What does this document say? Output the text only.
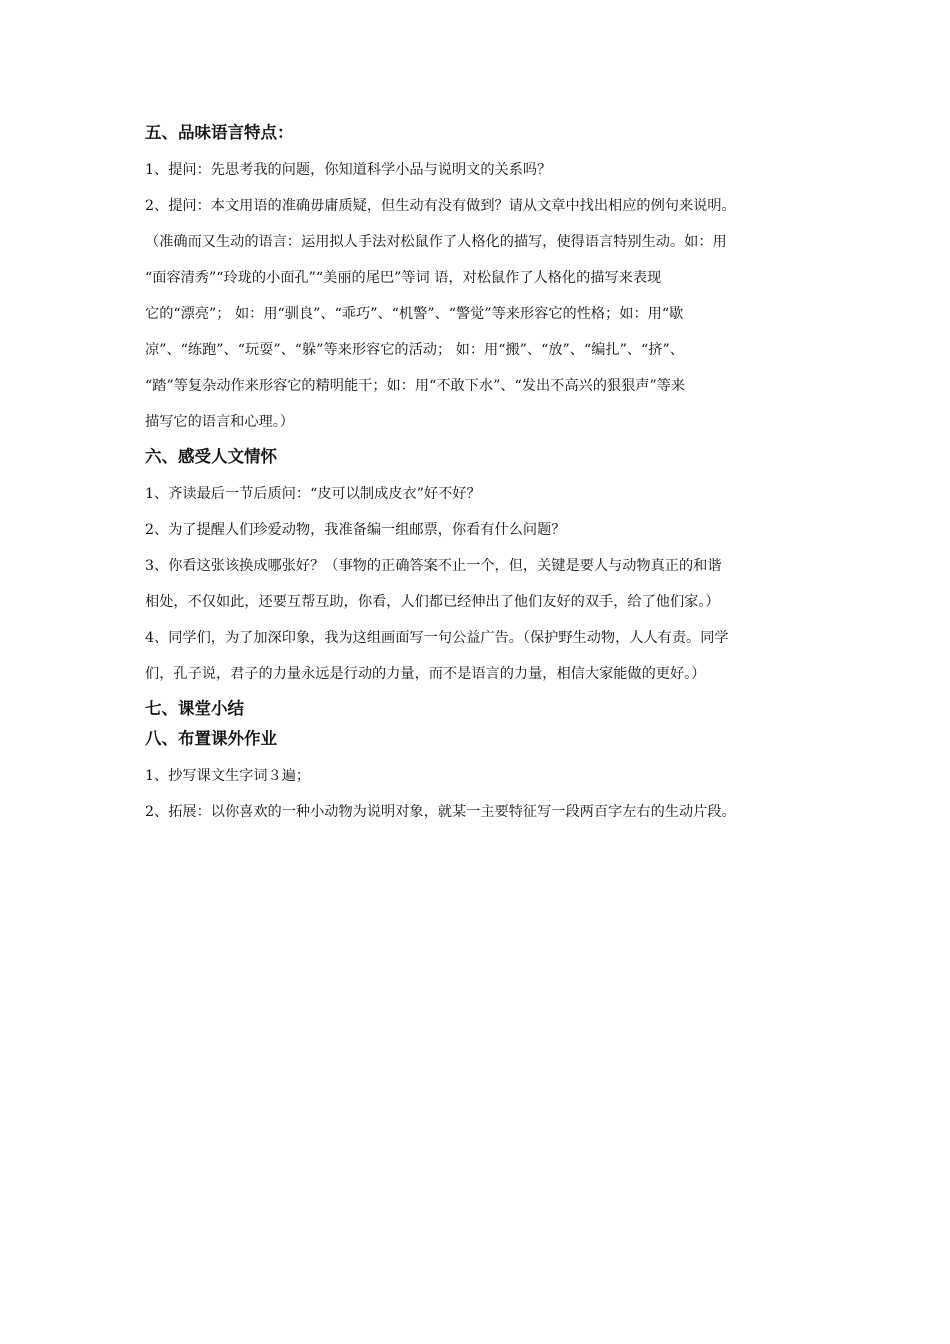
五、品味语言特点：

1、提问：先思考我的问题，你知道科学小品与说明文的关系吗？

2、提问：本文用语的准确毋庸质疑，但生动有没有做到？请从文章中找出相应的例句来说明。

（准确而又生动的语言：运用拟人手法对松鼠作了人格化的描写，使得语言特别生动。如：用
“面容清秀”“玲珑的小面孔”“美丽的尾巴”等词 语，对松鼠作了人格化的描写来表现
它的“漂亮”； 如：用“驯良”、“乖巧”、“机警”、“警觉”等来形容它的性格；如：用“歇
凉”、“练跑”、“玩耍”、“躲”等来形容它的活动； 如：用“搬”、“放”、“编扎”、“挤”、
“踏”等复杂动作来形容它的精明能干；如：用“不敢下水”、“发出不高兴的狠狠声”等来
描写它的语言和心理。）

六、感受人文情怀

1、齐读最后一节后质问：“皮可以制成皮衣”好不好？

2、为了提醒人们珍爱动物，我准备编一组邮票，你看有什么问题？

3、你看这张该换成哪张好？（事物的正确答案不止一个，但，关键是要人与动物真正的和谐
相处，不仅如此，还要互帮互助，你看，人们都已经伸出了他们友好的双手，给了他们家。）

4、同学们，为了加深印象，我为这组画面写一句公益广告。（保护野生动物，人人有责。同学
们，孔子说，君子的力量永远是行动的力量，而不是语言的力量，相信大家能做的更好。）

七、课堂小结
八、布置课外作业

1、抄写课文生字词３遍；

2、拓展：以你喜欢的一种小动物为说明对象，就某一主要特征写一段两百字左右的生动片段。
